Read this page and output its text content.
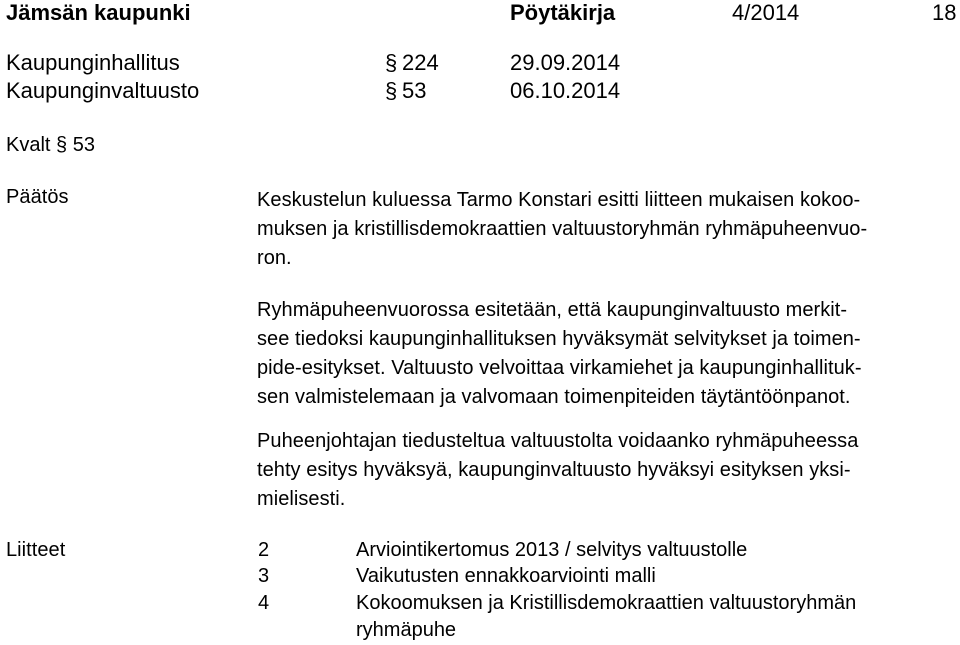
Jämsän kaupunki	Pöytäkirja	4/2014	18
Kaupunginhallitus	§ 224	29.09.2014
Kaupunginvaltuusto	§ 53	06.10.2014
Kvalt § 53
Päätös	Keskustelun kuluessa Tarmo Konstari esitti liitteen mukaisen kokoo-
muksen ja kristillisdemokraattien valtuustoryhmän ryhmäpuheenvuo-
ron.
Ryhmäpuheenvuorossa esitetään, että kaupunginvaltuusto merkit-
see tiedoksi kaupunginhallituksen hyväksymät selvitykset ja toimen-
pide-esitykset. Valtuusto velvoittaa virkamiehet ja kaupunginhallituk-
sen valmistelemaan ja valvomaan toimenpiteiden täytäntöönpanot.
Puheenjohtajan tiedusteltua valtuustolta voidaanko ryhmäpuheessa
tehty esitys hyväksyä, kaupunginvaltuusto hyväksyi esityksen yksi-
mielisesti.
Liitteet	2	Arviointikertomus 2013 / selvitys valtuustolle
3	Vaikutusten ennakkoarviointi malli
4	Kokoomuksen ja Kristillisdemokraattien valtuustoryhmän
ryhmäpuhe
